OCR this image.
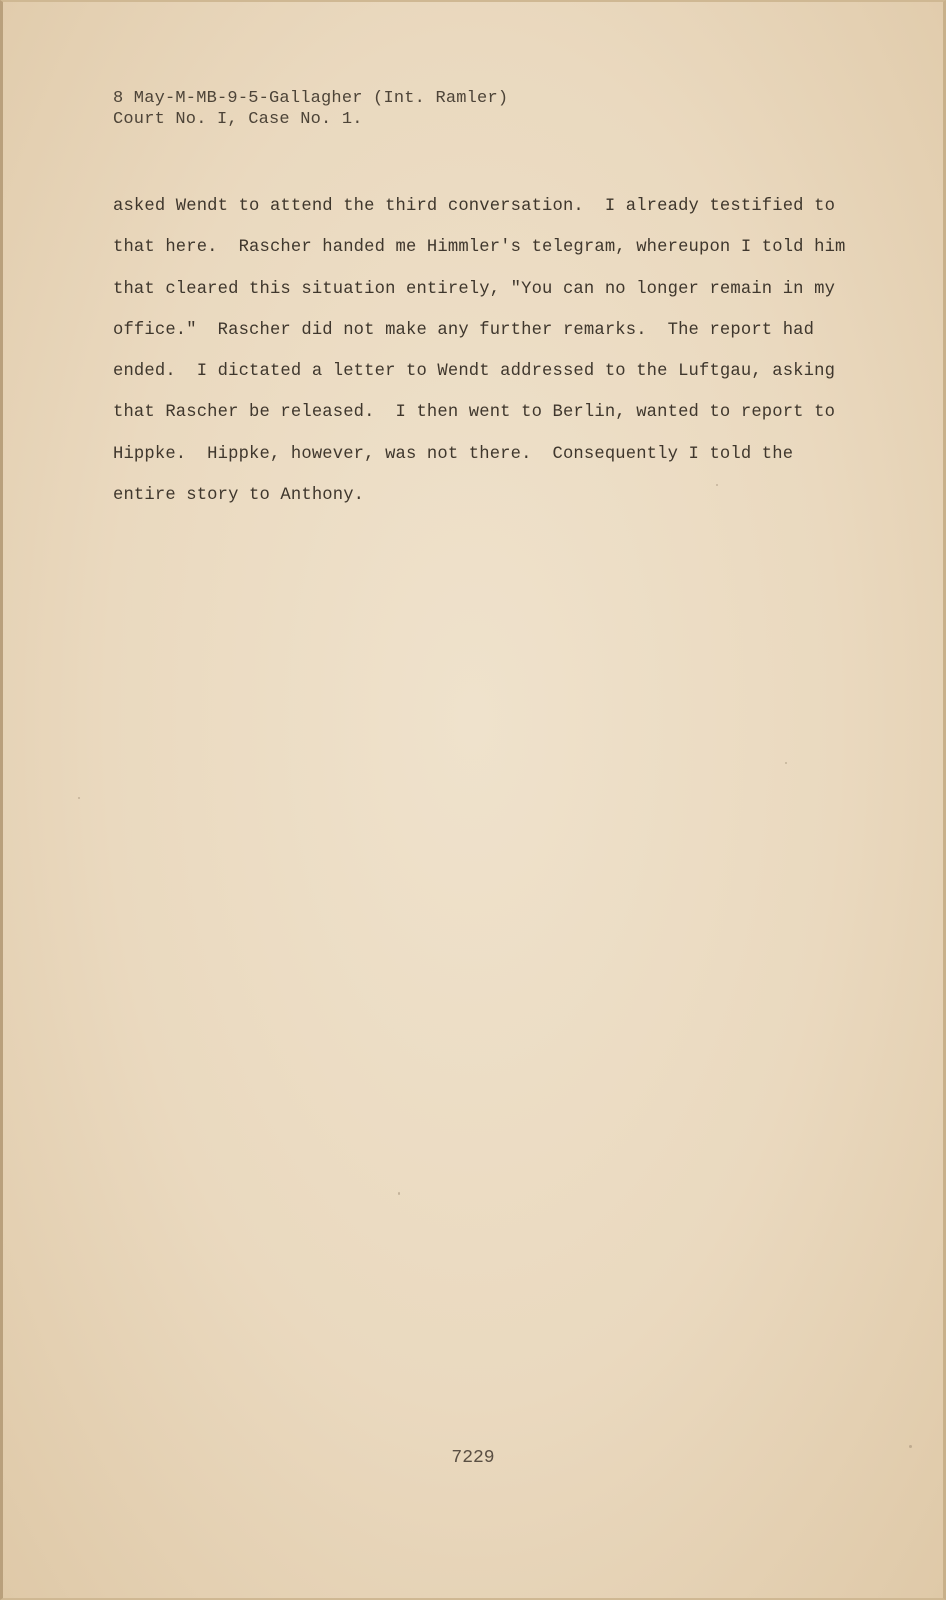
8 May-M-MB-9-5-Gallagher (Int. Ramler)
Court No. I, Case No. 1.
asked Wendt to attend the third conversation.  I already testified to
that here.  Rascher handed me Himmler's telegram, whereupon I told him
that cleared this situation entirely, "You can no longer remain in my
office."  Rascher did not make any further remarks.  The report had
ended.  I dictated a letter to Wendt addressed to the Luftgau, asking
that Rascher be released.  I then went to Berlin, wanted to report to
Hippke.  Hippke, however, was not there.  Consequently I told the
entire story to Anthony.
7229
